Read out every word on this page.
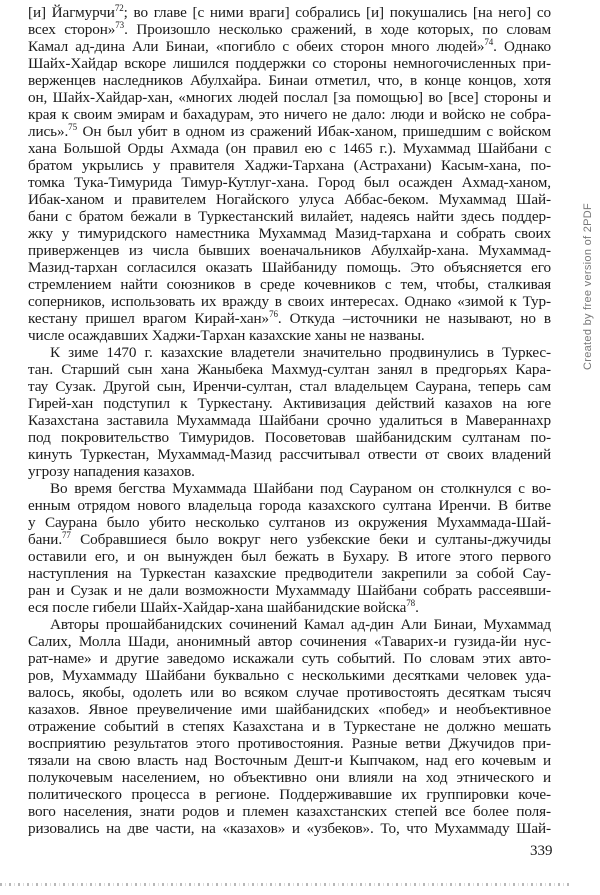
[и] Йагмурчи$^{72}$; во главе [с ними враги] собрались [и] покушались [на него] со
всех сторон»$^{73}$. Произошло несколько сражений, в ходе которых, по словам
Камал ад-дина Али Бинаи, «погибло с обеих сторон много людей»$^{74}$. Однако
Шайх-Хайдар вскоре лишился поддержки со стороны немногочисленных при-
верженцев наследников Абулхайра. Бинаи отметил, что, в конце концов, хотя
он, Шайх-Хайдар-хан, «многих людей послал [за помощью] во [все] стороны и
края к своим эмирам и бахадурам, это ничего не дало: люди и войско не собра-
лись».$^{75}$ Он был убит в одном из сражений Ибак-ханом, пришедшим с войском
хана Большой Орды Ахмада (он правил ею с 1465 г.). Мухаммад Шайбани с
братом укрылись у правителя Хаджи-Тархана (Астрахани) Касым-хана, по-
томка Тука-Тимурида Тимур-Кутлуг-хана. Город был осажден Ахмад-ханом,
Ибак-ханом и правителем Ногайского улуса Аббас-беком. Мухаммад Шай-
бани с братом бежали в Туркестанский вилайет, надеясь найти здесь поддер-
жку у тимуридского наместника Мухаммад Мазид-тархана и собрать своих
приверженцев из числа бывших военачальников Абулхайр-хана. Мухаммад-
Мазид-тархан согласился оказать Шайбаниду помощь. Это объясняется его
стремлением найти союзников в среде кочевников с тем, чтобы, сталкивая
соперников, использовать их вражду в своих интересах. Однако «зимой к Тур-
кестану пришел врагом Кирай-хан»$^{76}$. Откуда –источники не называют, но в
числе осаждавших Хаджи-Тархан казахские ханы не названы.
К зиме 1470 г. казахские владетели значительно продвинулись в Туркес-
тан. Старший сын хана Жаныбека Махмуд-султан занял в предгорьях Кара-
тау Сузак. Другой сын, Иренчи-султан, стал владельцем Саурана, теперь сам
Гирей-хан подступил к Туркестану. Активизация действий казахов на юге
Казахстана заставила Мухаммада Шайбани срочно удалиться в Мавераннахр
под покровительство Тимуридов. Посоветовав шайбанидским султанам по-
кинуть Туркестан, Мухаммад-Мазид рассчитывал отвести от своих владений
угрозу нападения казахов.
Во время бегства Мухаммада Шайбани под Саураном он столкнулся с во-
енным отрядом нового владельца города казахского султана Иренчи. В битве
у Саурана было убито несколько султанов из окружения Мухаммада-Шай-
бани.$^{77}$ Собравшиеся было вокруг него узбекские беки и султаны-джучиды
оставили его, и он вынужден был бежать в Бухару. В итоге этого первого
наступления на Туркестан казахские предводители закрепили за собой Сау-
ран и Сузак и не дали возможности Мухаммаду Шайбани собрать рассеявши-
еся после гибели Шайх-Хайдар-хана шайбанидские войска$^{78}$.
Авторы прошайбанидских сочинений Камал ад-дин Али Бинаи, Мухаммад
Салих, Молла Шади, анонимный автор сочинения «Таварих-и гузида-йи нус-
рат-наме» и другие заведомо искажали суть событий. По словам этих авто-
ров, Мухаммаду Шайбани буквально с несколькими десятками человек уда-
валось, якобы, одолеть или во всяком случае противостоять десяткам тысяч
казахов. Явное преувеличение ими шайбанидских «побед» и необъективное
отражение событий в степях Казахстана и в Туркестане не должно мешать
восприятию результатов этого противостояния. Разные ветви Джучидов при-
тязали на свою власть над Восточным Дешт-и Кыпчаком, над его кочевым и
полукочевым населением, но объективно они влияли на ход этнического и
политического процесса в регионе. Поддерживавшие их группировки коче-
вого населения, знати родов и племен казахстанских степей все более поля-
ризовались на две части, на «казахов» и «узбеков». То, что Мухаммаду Шай-
339
Created by free version of 2PDF
